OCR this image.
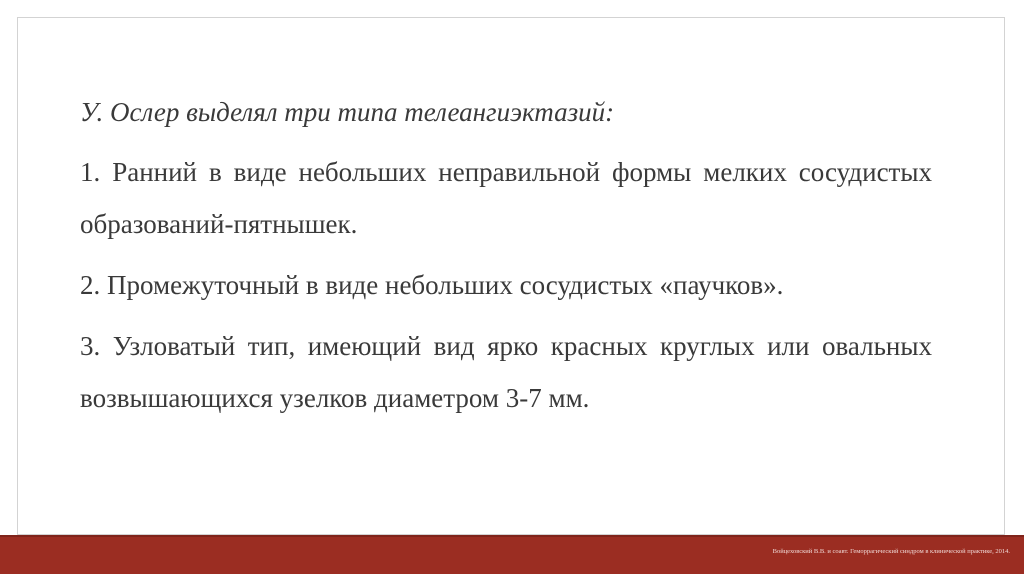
У. Ослер выделял три типа телеангиэктазий:

1. Ранний в виде небольших неправильной формы мелких сосудистых образований-пятнышек.

2. Промежуточный в виде небольших сосудистых «паучков».

3. Узловатый тип, имеющий вид ярко красных круглых или овальных возвышающихся узелков диаметром 3-7 мм.

Войцеховский В.В. и соавт. Геморрагический синдром в клинической практике, 2014.
